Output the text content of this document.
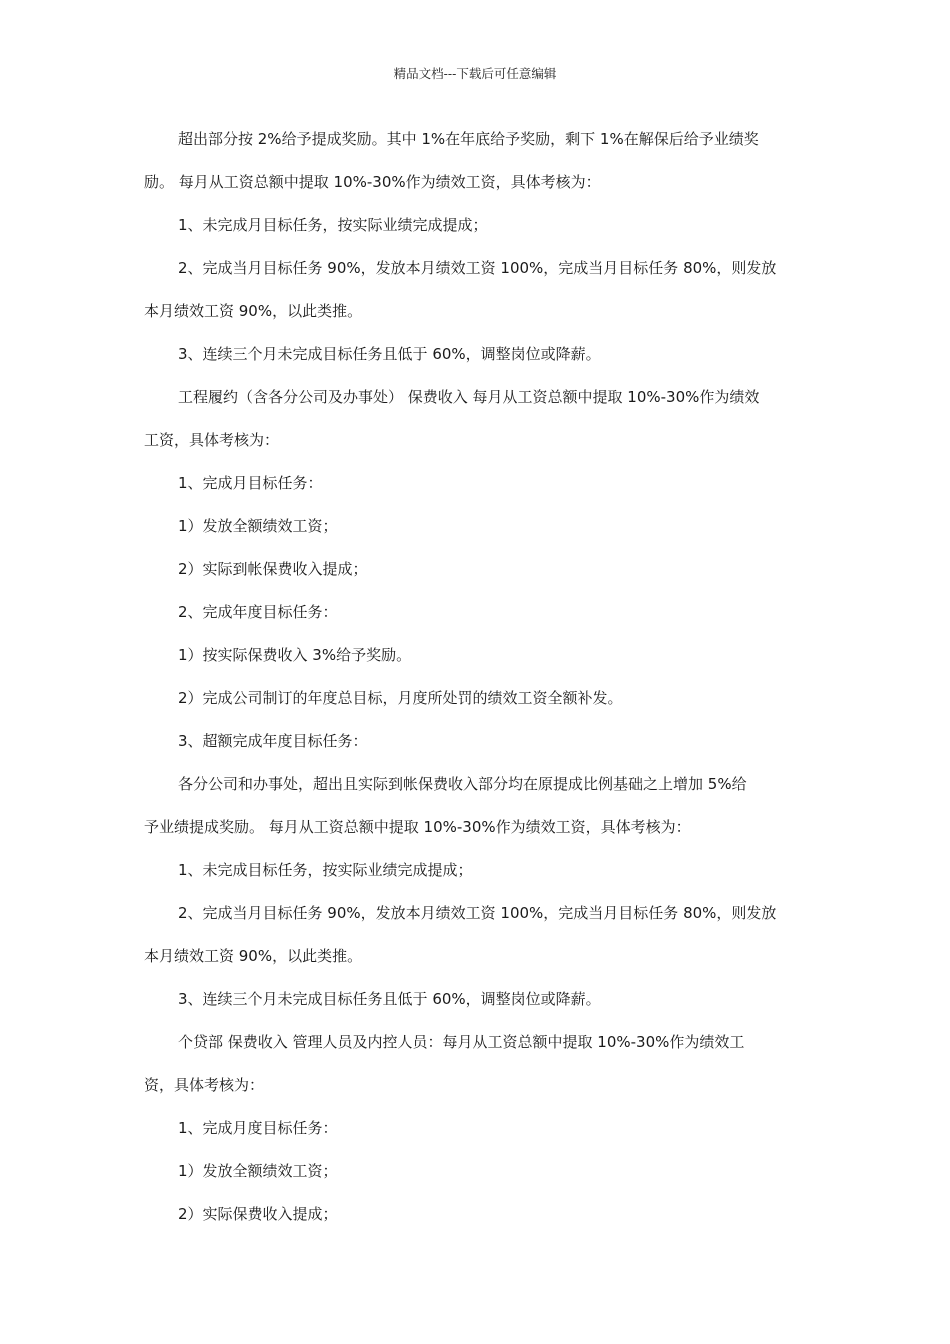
精品文档---下载后可任意编辑
超出部分按 2%给予提成奖励。其中 1%在年底给予奖励，剩下 1%在解保后给予业绩奖
励。 每月从工资总额中提取 10%-30%作为绩效工资，具体考核为：
1、未完成月目标任务，按实际业绩完成提成；
2、完成当月目标任务 90%，发放本月绩效工资 100%，完成当月目标任务 80%，则发放
本月绩效工资 90%，以此类推。
3、连续三个月未完成目标任务且低于 60%，调整岗位或降薪。
工程履约（含各分公司及办事处） 保费收入 每月从工资总额中提取 10%-30%作为绩效
工资，具体考核为：
1、完成月目标任务：
1）发放全额绩效工资；
2）实际到帐保费收入提成；
2、完成年度目标任务：
1）按实际保费收入 3%给予奖励。
2）完成公司制订的年度总目标，月度所处罚的绩效工资全额补发。
3、超额完成年度目标任务：
各分公司和办事处，超出且实际到帐保费收入部分均在原提成比例基础之上增加 5%给
予业绩提成奖励。 每月从工资总额中提取 10%-30%作为绩效工资，具体考核为：
1、未完成目标任务，按实际业绩完成提成；
2、完成当月目标任务 90%，发放本月绩效工资 100%，完成当月目标任务 80%，则发放
本月绩效工资 90%，以此类推。
3、连续三个月未完成目标任务且低于 60%，调整岗位或降薪。
个贷部 保费收入 管理人员及内控人员：每月从工资总额中提取 10%-30%作为绩效工
资，具体考核为：
1、完成月度目标任务：
1）发放全额绩效工资；
2）实际保费收入提成；
